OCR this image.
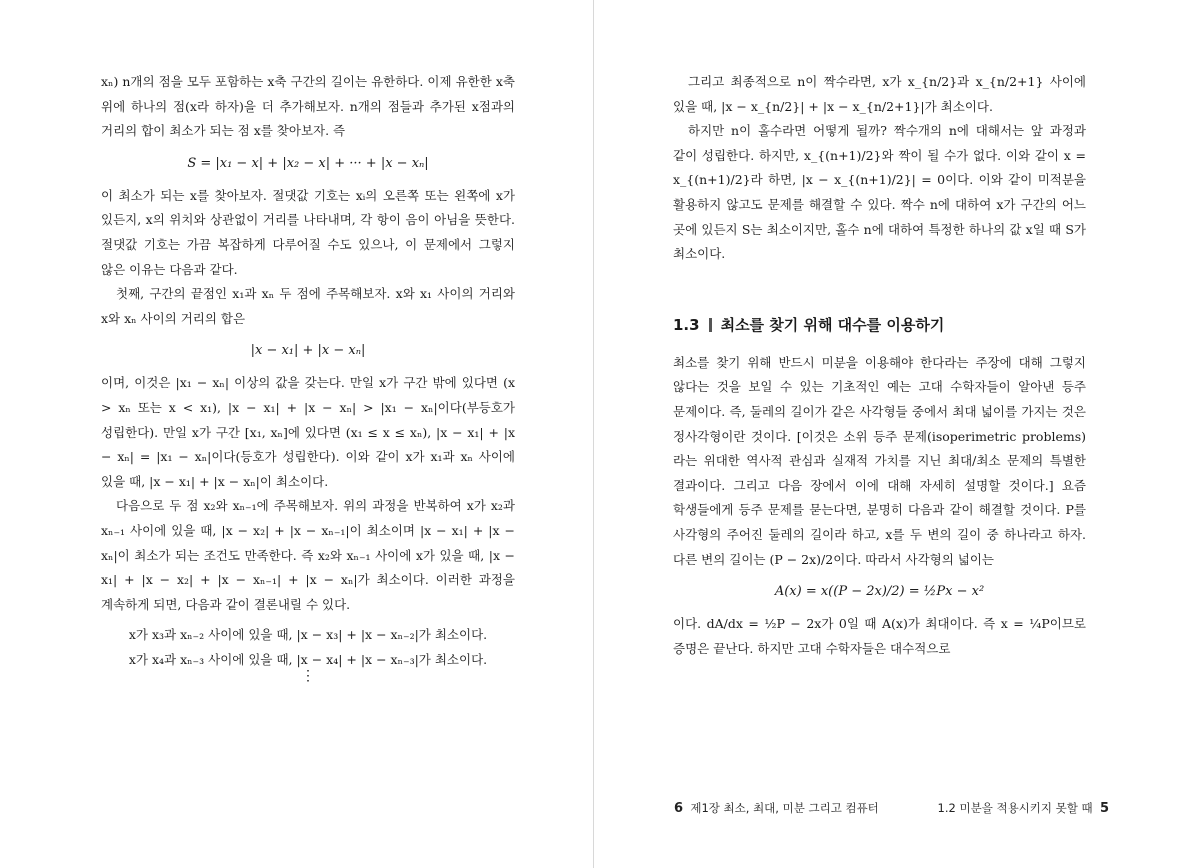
xₙ) n개의 점을 모두 포함하는 x축 구간의 길이는 유한하다. 이제 유한한 x축 위에 하나의 점(x라 하자)을 더 추가해보자. n개의 점들과 추가된 x점과의 거리의 합이 최소가 되는 점 x를 찾아보자. 즉

S = |x₁ − x| + |x₂ − x| + ··· + |x − xₙ|

이 최소가 되는 x를 찾아보자. 절댓값 기호는 xᵢ의 오른쪽 또는 왼쪽에 x가 있든지, x의 위치와 상관없이 거리를 나타내며, 각 항이 음이 아님을 뜻한다. 절댓값 기호는 가끔 복잡하게 다루어질 수도 있으나, 이 문제에서 그렇지 않은 이유는 다음과 같다.

첫째, 구간의 끝점인 x₁과 xₙ 두 점에 주목해보자. x와 x₁ 사이의 거리와 x와 xₙ 사이의 거리의 합은

|x − x₁| + |x − xₙ|

이며, 이것은 |x₁ − xₙ| 이상의 값을 갖는다. 만일 x가 구간 밖에 있다면 (x > xₙ 또는 x < x₁), |x − x₁| + |x − xₙ| > |x₁ − xₙ|이다(부등호가 성립한다). 만일 x가 구간 [x₁, xₙ]에 있다면 (x₁ ≤ x ≤ xₙ), |x − x₁| + |x − xₙ| = |x₁ − xₙ|이다(등호가 성립한다). 이와 같이 x가 x₁과 xₙ 사이에 있을 때, |x − x₁| + |x − xₙ|이 최소이다.

다음으로 두 점 x₂와 xₙ₋₁에 주목해보자. 위의 과정을 반복하여 x가 x₂과 xₙ₋₁ 사이에 있을 때, |x − x₂| + |x − xₙ₋₁|이 최소이며 |x − x₁| + |x − xₙ|이 최소가 되는 조건도 만족한다. 즉 x₂와 xₙ₋₁ 사이에 x가 있을 때, |x − x₁| + |x − x₂| + |x − xₙ₋₁| + |x − xₙ|가 최소이다. 이러한 과정을 계속하게 되면, 다음과 같이 결론내릴 수 있다.

x가 x₃과 xₙ₋₂ 사이에 있을 때, |x − x₃| + |x − xₙ₋₂|가 최소이다.
x가 x₄과 xₙ₋₃ 사이에 있을 때, |x − x₄| + |x − xₙ₋₃|가 최소이다.
⋮

그리고 최종적으로 n이 짝수라면, x가 x_{n/2}과 x_{n/2+1} 사이에 있을 때, |x − x_{n/2}| + |x − x_{n/2+1}|가 최소이다.

하지만 n이 홀수라면 어떻게 될까? 짝수개의 n에 대해서는 앞 과정과 같이 성립한다. 하지만, x_{(n+1)/2}와 짝이 될 수가 없다. 이와 같이 x = x_{(n+1)/2}라 하면, |x − x_{(n+1)/2}| = 0이다. 이와 같이 미적분을 활용하지 않고도 문제를 해결할 수 있다. 짝수 n에 대하여 x가 구간의 어느 곳에 있든지 S는 최소이지만, 홀수 n에 대하여 특정한 하나의 값 x일 때 S가 최소이다.

1.3 최소를 찾기 위해 대수를 이용하기

최소를 찾기 위해 반드시 미분을 이용해야 한다라는 주장에 대해 그렇지 않다는 것을 보일 수 있는 기초적인 예는 고대 수학자들이 알아낸 등주 문제이다. 즉, 둘레의 길이가 같은 사각형들 중에서 최대 넓이를 가지는 것은 정사각형이란 것이다. [이것은 소위 등주 문제(isoperimetric problems)라는 위대한 역사적 관심과 실재적 가치를 지닌 최대/최소 문제의 특별한 결과이다. 그리고 다음 장에서 이에 대해 자세히 설명할 것이다.] 요즘 학생들에게 등주 문제를 묻는다면, 분명히 다음과 같이 해결할 것이다. P를 사각형의 주어진 둘레의 길이라 하고, x를 두 변의 길이 중 하나라고 하자. 다른 변의 길이는 (P − 2x)/2이다. 따라서 사각형의 넓이는

A(x) = x((P − 2x)/2) = ½Px − x²

이다. dA/dx = ½P − 2x가 0일 때 A(x)가 최대이다. 즉 x = ¼P이므로 증명은 끝난다. 하지만 고대 수학자들은 대수적으로

1.2 미분을 적용시키지 못할 때 5
6 제1장 최소, 최대, 미분 그리고 컴퓨터
